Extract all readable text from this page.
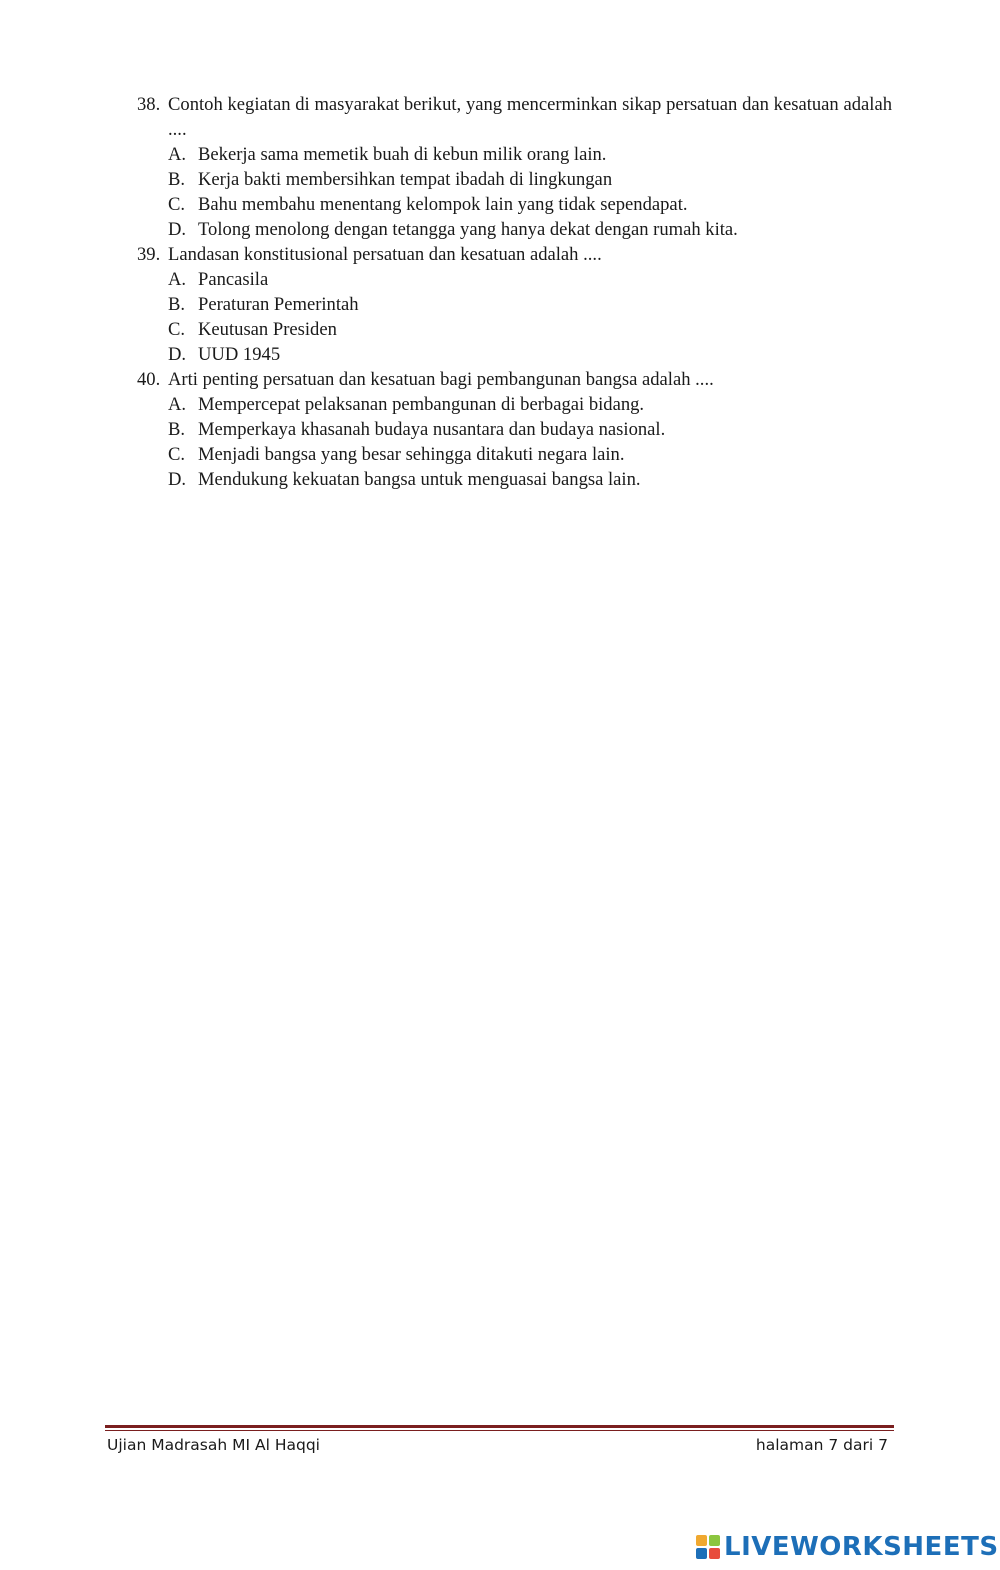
38. Contoh kegiatan di masyarakat berikut, yang mencerminkan sikap persatuan dan kesatuan adalah ....
A. Bekerja sama memetik buah di kebun milik orang lain.
B. Kerja bakti membersihkan tempat ibadah di lingkungan
C. Bahu membahu menentang kelompok lain yang tidak sependapat.
D. Tolong menolong dengan tetangga yang hanya dekat dengan rumah kita.
39. Landasan konstitusional persatuan dan kesatuan adalah ....
A. Pancasila
B. Peraturan Pemerintah
C. Keutusan Presiden
D. UUD 1945
40. Arti penting persatuan dan kesatuan bagi pembangunan bangsa adalah ....
A. Mempercepat pelaksanan pembangunan di berbagai bidang.
B. Memperkaya khasanah budaya nusantara dan budaya nasional.
C. Menjadi bangsa yang besar sehingga ditakuti negara lain.
D. Mendukung kekuatan bangsa untuk menguasai bangsa lain.
Ujian Madrasah MI Al Haqqi	halaman 7 dari 7
LIVEWORKSHEETS
